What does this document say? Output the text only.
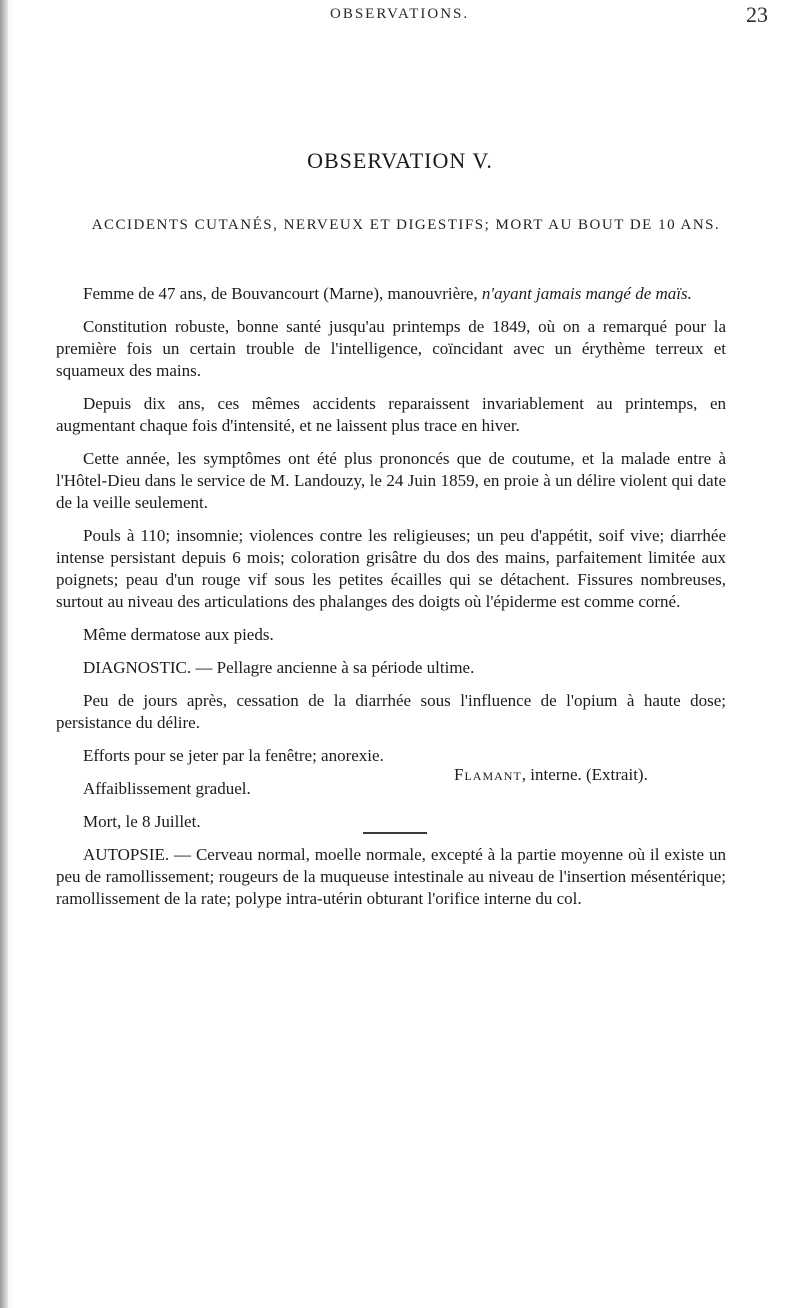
OBSERVATIONS.	23
OBSERVATION V.
ACCIDENTS CUTANÉS, NERVEUX ET DIGESTIFS; MORT AU BOUT DE 10 ANS.

Femme de 47 ans, de Bouvancourt (Marne), manouvrière, n'ayant jamais mangé de maïs.

Constitution robuste, bonne santé jusqu'au printemps de 1849, où on a remarqué pour la première fois un certain trouble de l'intelligence, coïncidant avec un érythème terreux et squameux des mains.

Depuis dix ans, ces mêmes accidents reparaissent invariablement au printemps, en augmentant chaque fois d'intensité, et ne laissent plus trace en hiver.

Cette année, les symptômes ont été plus prononcés que de coutume, et la malade entre à l'Hôtel-Dieu dans le service de M. Landouzy, le 24 Juin 1859, en proie à un délire violent qui date de la veille seulement.

Pouls à 110; insomnie; violences contre les religieuses; un peu d'appétit, soif vive; diarrhée intense persistant depuis 6 mois; coloration grisâtre du dos des mains, parfaitement limitée aux poignets; peau d'un rouge vif sous les petites écailles qui se détachent. Fissures nombreuses, surtout au niveau des articulations des phalanges des doigts où l'épiderme est comme corné.

Même dermatose aux pieds.

DIAGNOSTIC. — Pellagre ancienne à sa période ultime.

Peu de jours après, cessation de la diarrhée sous l'influence de l'opium à haute dose; persistance du délire.

Efforts pour se jeter par la fenêtre; anorexie.

Affaiblissement graduel.

Mort, le 8 Juillet.

AUTOPSIE. — Cerveau normal, moelle normale, excepté à la partie moyenne où il existe un peu de ramollissement; rougeurs de la muqueuse intestinale au niveau de l'insertion mésentérique; ramollissement de la rate; polype intra-utérin obturant l'orifice interne du col.

Flamant, interne. (Extrait).
